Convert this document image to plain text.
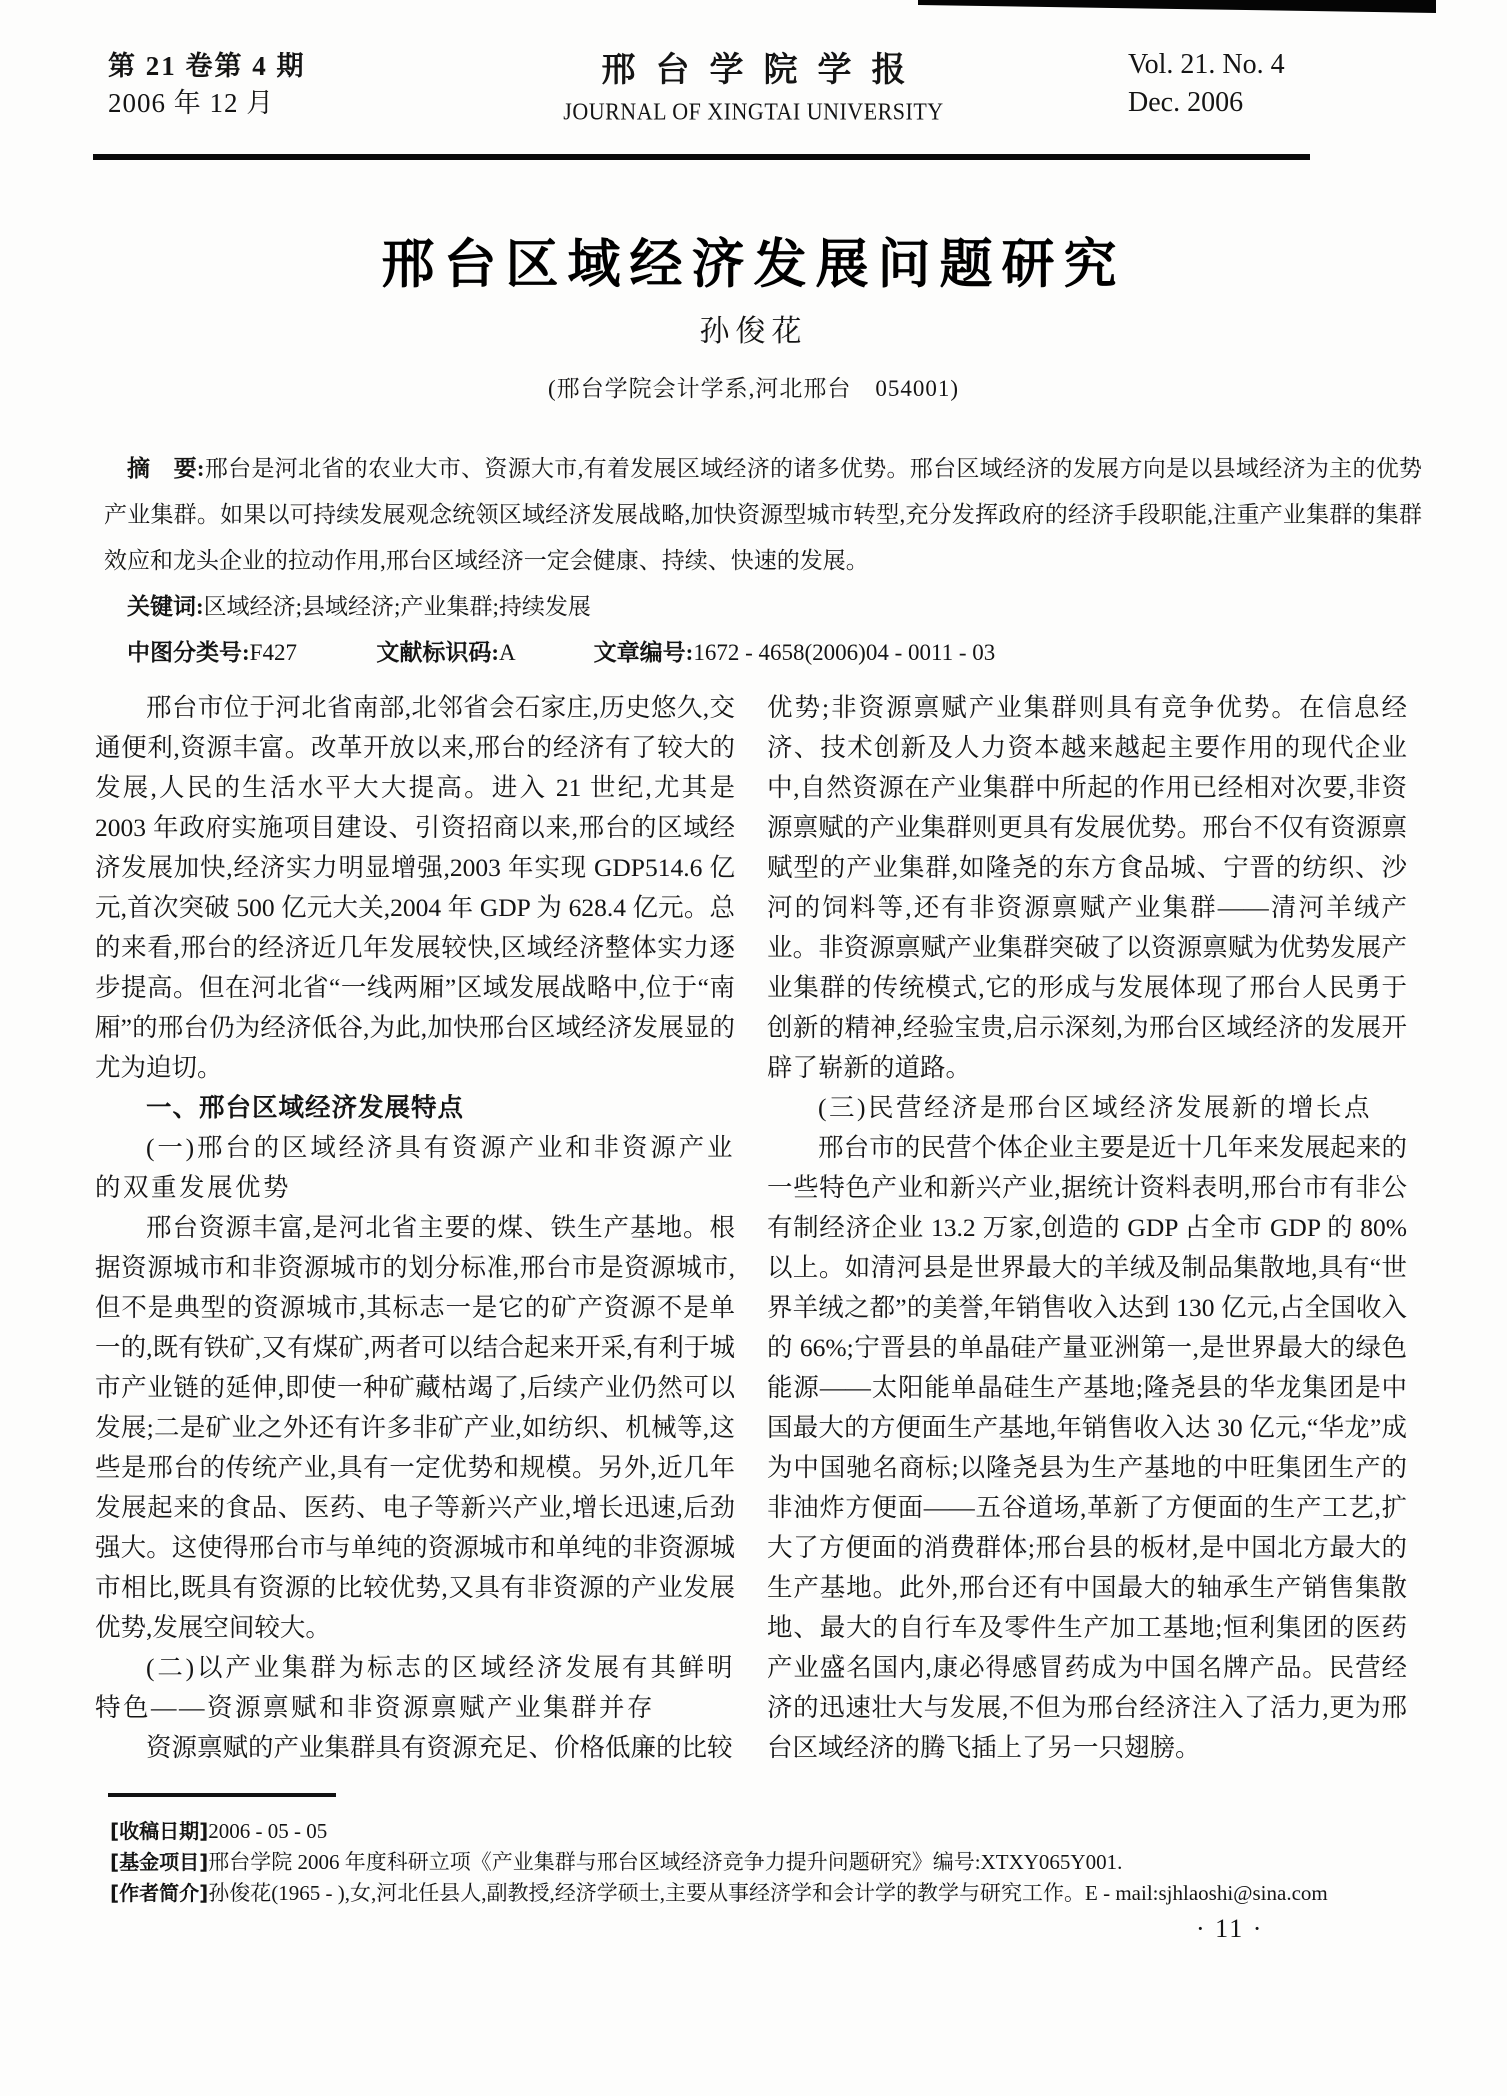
第 21 卷第 4 期
2006 年 12 月
邢台学院学报
JOURNAL OF XINGTAI UNIVERSITY
Vol. 21. No. 4
Dec. 2006
邢台区域经济发展问题研究
孙俊花
(邢台学院会计学系,河北邢台　054001)
摘　要:邢台是河北省的农业大市、资源大市,有着发展区域经济的诸多优势。邢台区域经济的发展方向是以县域经济为主的优势产业集群。如果以可持续发展观念统领区域经济发展战略,加快资源型城市转型,充分发挥政府的经济手段职能,注重产业集群的集群效应和龙头企业的拉动作用,邢台区域经济一定会健康、持续、快速的发展。
关键词:区域经济;县域经济;产业集群;持续发展
中图分类号:F427	文献标识码:A	文章编号:1672 - 4658(2006)04 - 0011 - 03
邢台市位于河北省南部,北邻省会石家庄,历史悠久,交通便利,资源丰富。改革开放以来,邢台的经济有了较大的发展,人民的生活水平大大提高。进入 21 世纪,尤其是 2003 年政府实施项目建设、引资招商以来,邢台的区域经济发展加快,经济实力明显增强,2003 年实现 GDP514.6 亿元,首次突破 500 亿元大关,2004 年 GDP 为 628.4 亿元。总的来看,邢台的经济近几年发展较快,区域经济整体实力逐步提高。但在河北省“一线两厢”区域发展战略中,位于“南厢”的邢台仍为经济低谷,为此,加快邢台区域经济发展显的尤为迫切。
一、邢台区域经济发展特点
(一)邢台的区域经济具有资源产业和非资源产业的双重发展优势
邢台资源丰富,是河北省主要的煤、铁生产基地。根据资源城市和非资源城市的划分标准,邢台市是资源城市,但不是典型的资源城市,其标志一是它的矿产资源不是单一的,既有铁矿,又有煤矿,两者可以结合起来开采,有利于城市产业链的延伸,即使一种矿藏枯竭了,后续产业仍然可以发展;二是矿业之外还有许多非矿产业,如纺织、机械等,这些是邢台的传统产业,具有一定优势和规模。另外,近几年发展起来的食品、医药、电子等新兴产业,增长迅速,后劲强大。这使得邢台市与单纯的资源城市和单纯的非资源城市相比,既具有资源的比较优势,又具有非资源的产业发展优势,发展空间较大。
(二)以产业集群为标志的区域经济发展有其鲜明特色——资源禀赋和非资源禀赋产业集群并存
资源禀赋的产业集群具有资源充足、价格低廉的比较
优势;非资源禀赋产业集群则具有竞争优势。在信息经济、技术创新及人力资本越来越起主要作用的现代企业中,自然资源在产业集群中所起的作用已经相对次要,非资源禀赋的产业集群则更具有发展优势。邢台不仅有资源禀赋型的产业集群,如隆尧的东方食品城、宁晋的纺织、沙河的饲料等,还有非资源禀赋产业集群——清河羊绒产业。非资源禀赋产业集群突破了以资源禀赋为优势发展产业集群的传统模式,它的形成与发展体现了邢台人民勇于创新的精神,经验宝贵,启示深刻,为邢台区域经济的发展开辟了崭新的道路。
(三)民营经济是邢台区域经济发展新的增长点
邢台市的民营个体企业主要是近十几年来发展起来的一些特色产业和新兴产业,据统计资料表明,邢台市有非公有制经济企业 13.2 万家,创造的 GDP 占全市 GDP 的 80%以上。如清河县是世界最大的羊绒及制品集散地,具有“世界羊绒之都”的美誉,年销售收入达到 130 亿元,占全国收入的 66%;宁晋县的单晶硅产量亚洲第一,是世界最大的绿色能源——太阳能单晶硅生产基地;隆尧县的华龙集团是中国最大的方便面生产基地,年销售收入达 30 亿元,“华龙”成为中国驰名商标;以隆尧县为生产基地的中旺集团生产的非油炸方便面——五谷道场,革新了方便面的生产工艺,扩大了方便面的消费群体;邢台县的板材,是中国北方最大的生产基地。此外,邢台还有中国最大的轴承生产销售集散地、最大的自行车及零件生产加工基地;恒利集团的医药产业盛名国内,康必得感冒药成为中国名牌产品。民营经济的迅速壮大与发展,不但为邢台经济注入了活力,更为邢台区域经济的腾飞插上了另一只翅膀。
[收稿日期]2006 - 05 - 05
[基金项目]邢台学院 2006 年度科研立项《产业集群与邢台区域经济竞争力提升问题研究》编号:XTXY065Y001.
[作者简介]孙俊花(1965 - ),女,河北任县人,副教授,经济学硕士,主要从事经济学和会计学的教学与研究工作。E - mail:sjhlaoshi@sina.com
· 11 ·
